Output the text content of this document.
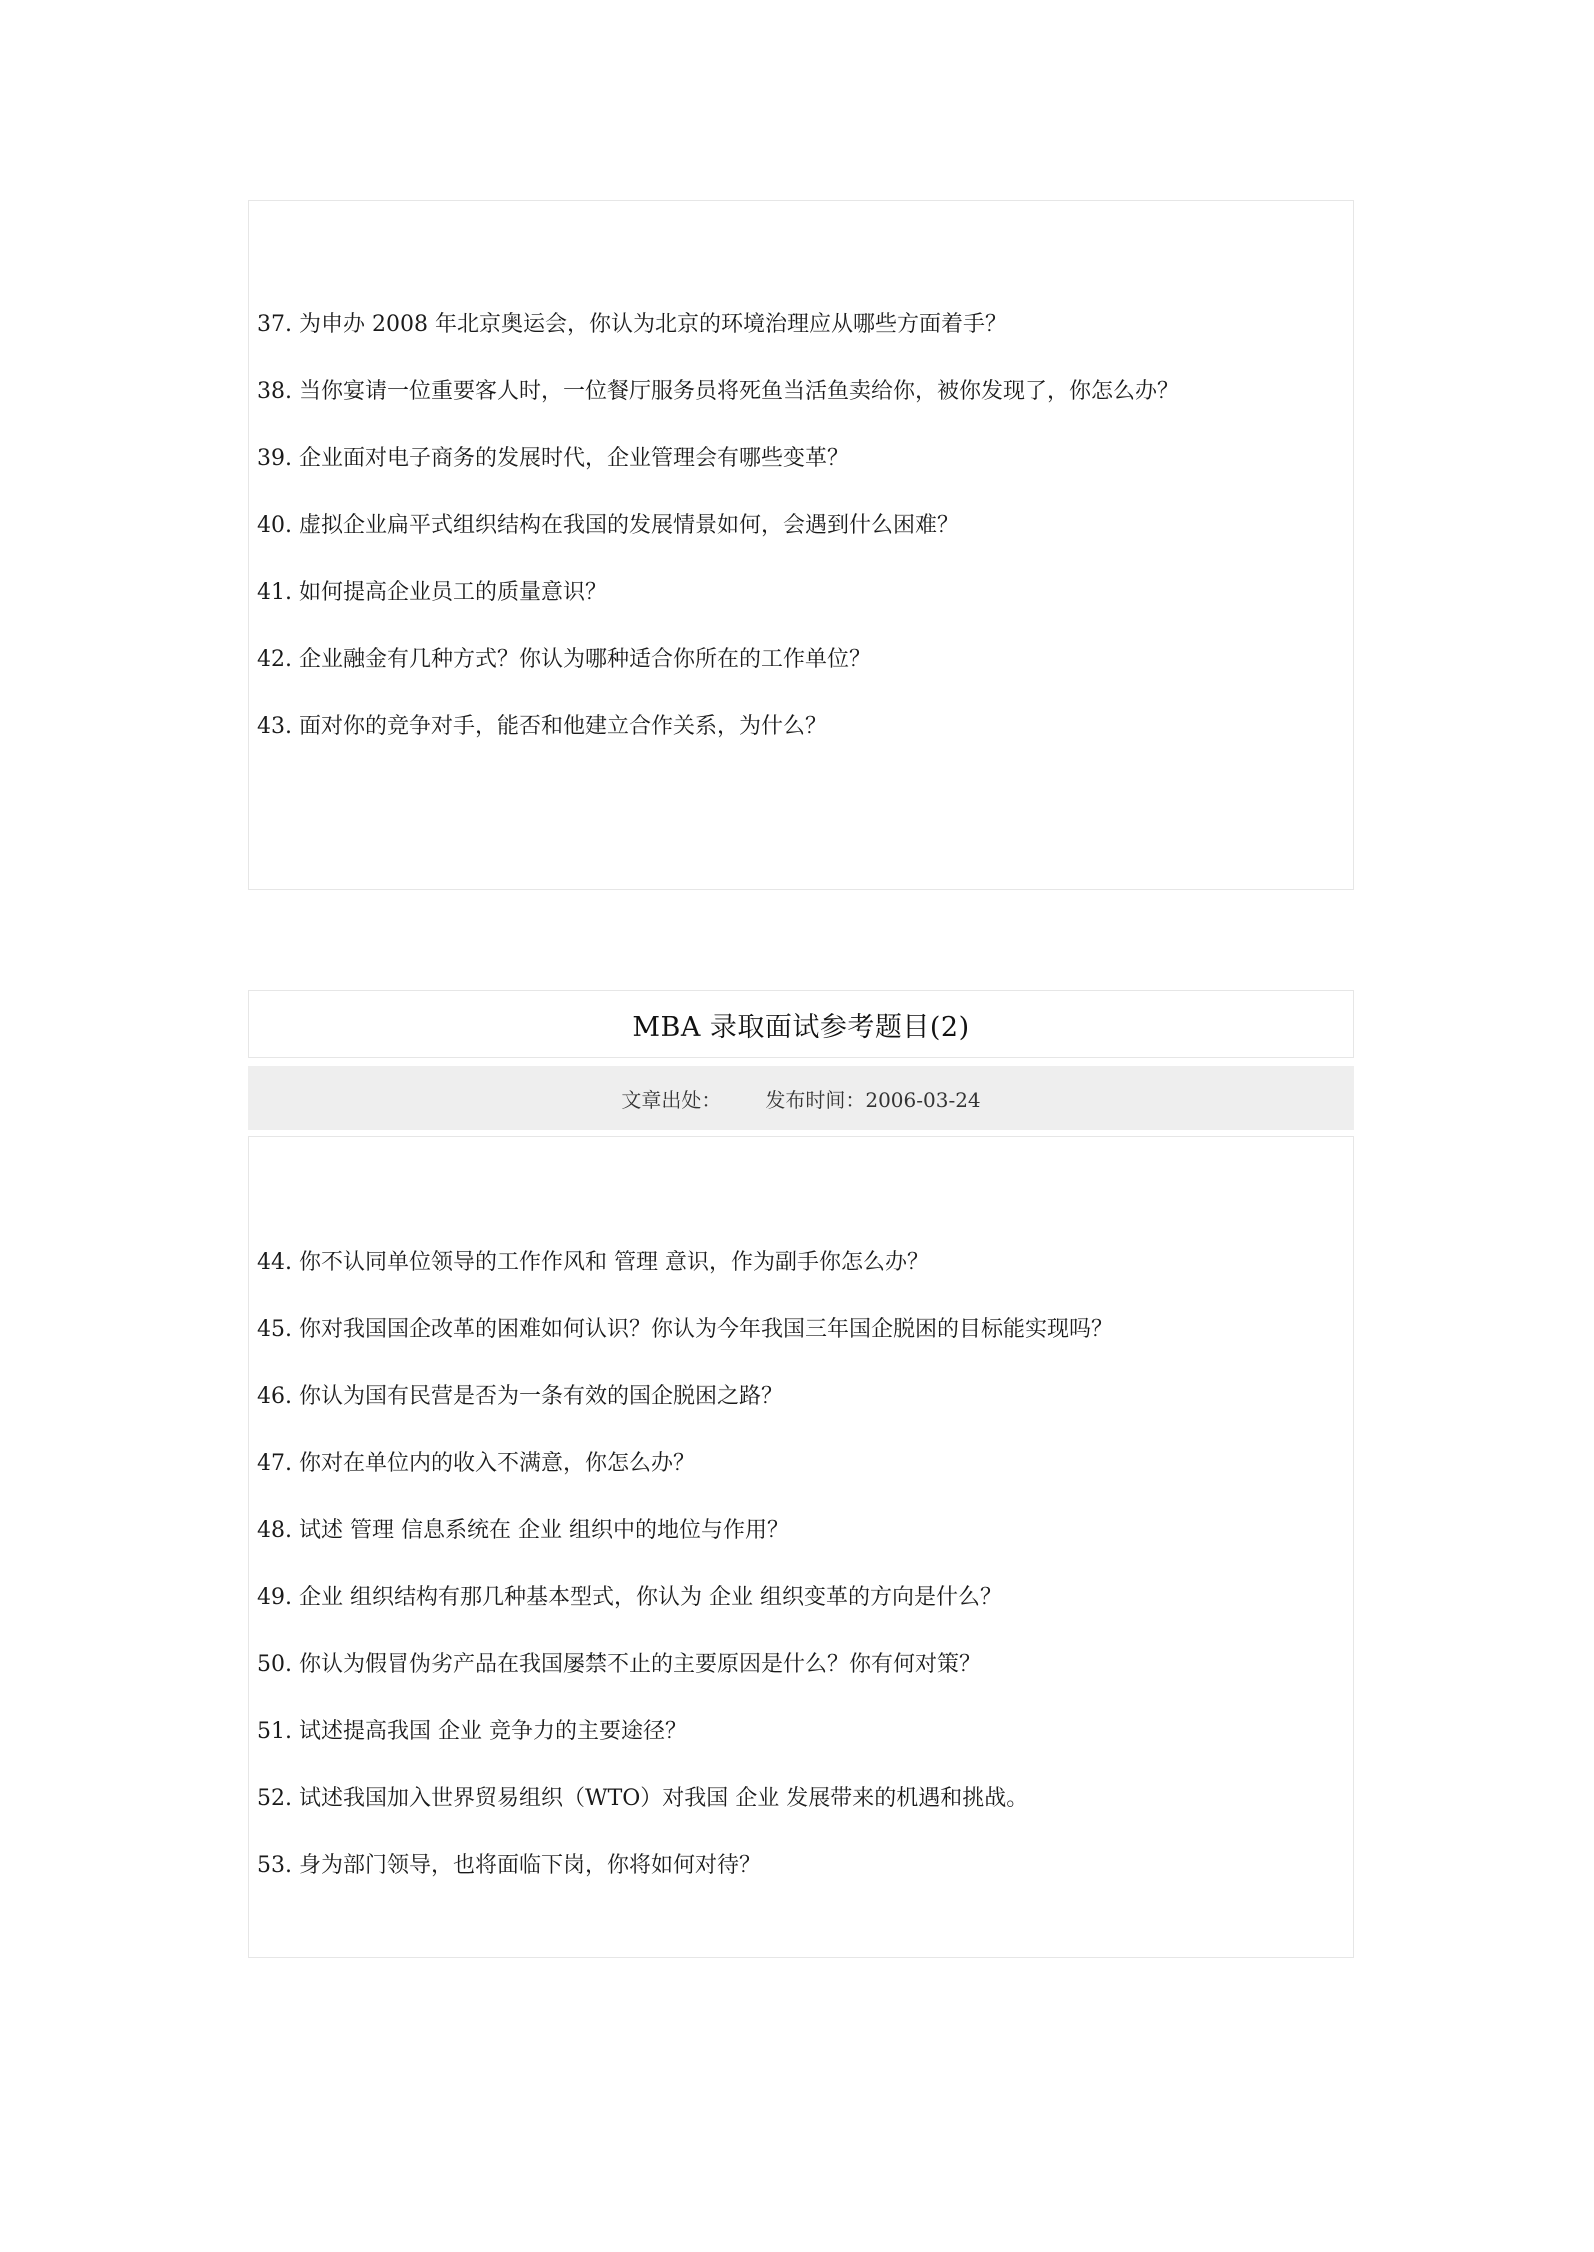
37. 为申办 2008 年北京奥运会，你认为北京的环境治理应从哪些方面着手？
38. 当你宴请一位重要客人时，一位餐厅服务员将死鱼当活鱼卖给你，被你发现了，你怎么办？
39. 企业面对电子商务的发展时代，企业管理会有哪些变革？
40. 虚拟企业扁平式组织结构在我国的发展情景如何，会遇到什么困难？
41. 如何提高企业员工的质量意识？
42. 企业融金有几种方式？你认为哪种适合你所在的工作单位？
43. 面对你的竞争对手，能否和他建立合作关系，为什么？
MBA 录取面试参考题目(2)
文章出处： 发布时间：2006-03-24
44. 你不认同单位领导的工作作风和 管理 意识，作为副手你怎么办？
45. 你对我国国企改革的困难如何认识？你认为今年我国三年国企脱困的目标能实现吗？
46. 你认为国有民营是否为一条有效的国企脱困之路？
47. 你对在单位内的收入不满意，你怎么办？
48. 试述 管理 信息系统在 企业 组织中的地位与作用？
49. 企业 组织结构有那几种基本型式，你认为 企业 组织变革的方向是什么？
50. 你认为假冒伪劣产品在我国屡禁不止的主要原因是什么？你有何对策？
51. 试述提高我国 企业 竞争力的主要途径？
52. 试述我国加入世界贸易组织（WTO）对我国 企业 发展带来的机遇和挑战。
53. 身为部门领导，也将面临下岗，你将如何对待？
